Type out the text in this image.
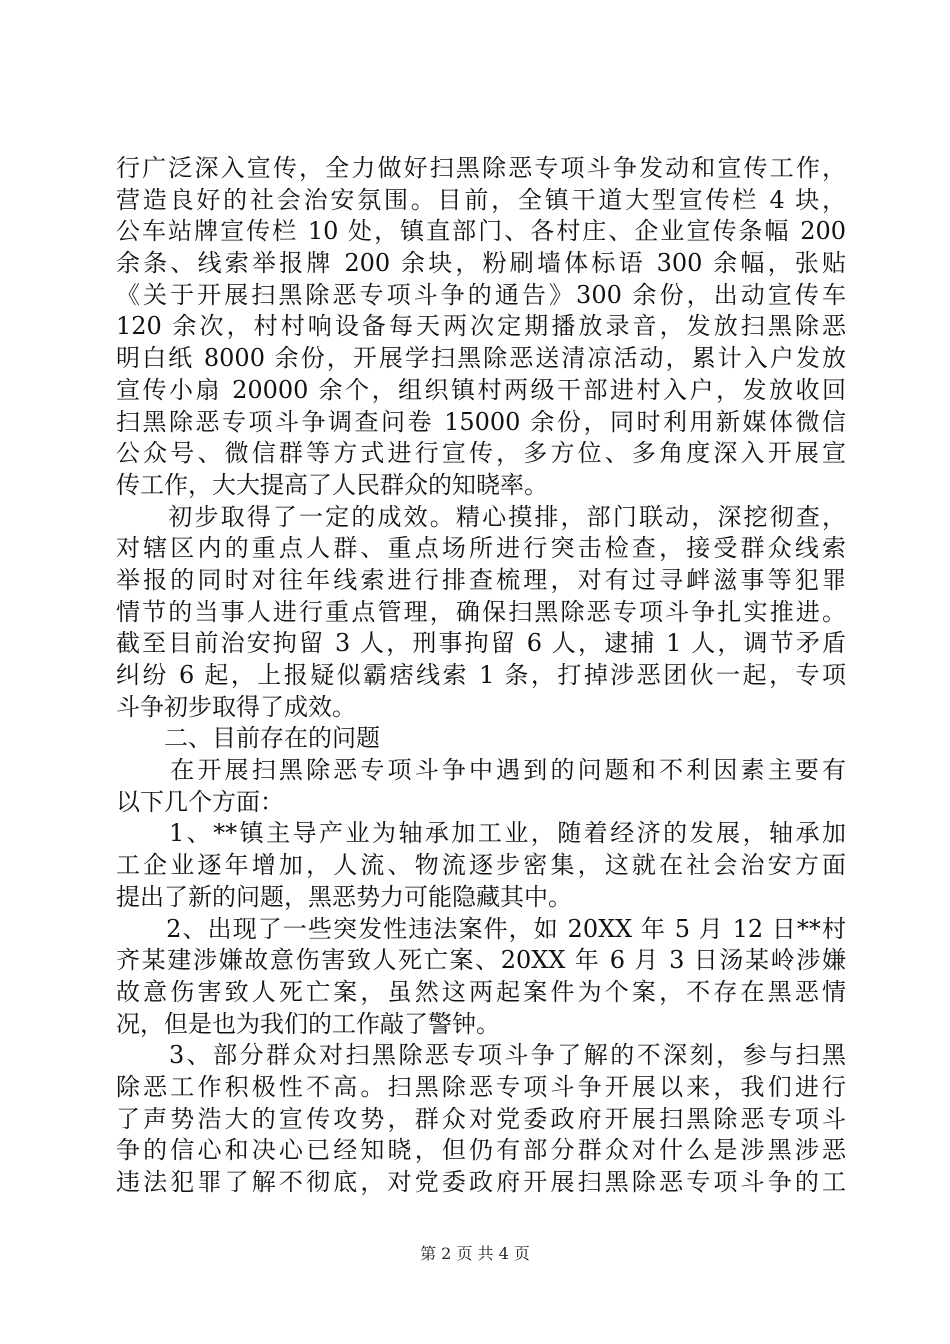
行广泛深入宣传，全力做好扫黑除恶专项斗争发动和宣传工作，
营造良好的社会治安氛围。目前，全镇干道大型宣传栏 4 块，
公车站牌宣传栏 10 处，镇直部门、各村庄、企业宣传条幅 200
余条、线索举报牌 200 余块，粉刷墙体标语 300 余幅，张贴
《关于开展扫黑除恶专项斗争的通告》300 余份，出动宣传车
120 余次，村村响设备每天两次定期播放录音，发放扫黑除恶
明白纸 8000 余份，开展学扫黑除恶送清凉活动，累计入户发放
宣传小扇 20000 余个，组织镇村两级干部进村入户，发放收回
扫黑除恶专项斗争调查问卷 15000 余份，同时利用新媒体微信
公众号、微信群等方式进行宣传，多方位、多角度深入开展宣
传工作，大大提高了人民群众的知晓率。
　　初步取得了一定的成效。精心摸排，部门联动，深挖彻查，
对辖区内的重点人群、重点场所进行突击检查，接受群众线索
举报的同时对往年线索进行排查梳理，对有过寻衅滋事等犯罪
情节的当事人进行重点管理，确保扫黑除恶专项斗争扎实推进。
截至目前治安拘留 3 人，刑事拘留 6 人，逮捕 1 人，调节矛盾
纠纷 6 起，上报疑似霸痞线索 1 条，打掉涉恶团伙一起，专项
斗争初步取得了成效。
　　二、目前存在的问题
　　在开展扫黑除恶专项斗争中遇到的问题和不利因素主要有
以下几个方面：
　　1、**镇主导产业为轴承加工业，随着经济的发展，轴承加
工企业逐年增加，人流、物流逐步密集，这就在社会治安方面
提出了新的问题，黑恶势力可能隐藏其中。
　　2、出现了一些突发性违法案件，如 20XX 年 5 月 12 日**村
齐某建涉嫌故意伤害致人死亡案、20XX 年 6 月 3 日汤某岭涉嫌
故意伤害致人死亡案，虽然这两起案件为个案，不存在黑恶情
况，但是也为我们的工作敲了警钟。
　　3、部分群众对扫黑除恶专项斗争了解的不深刻，参与扫黑
除恶工作积极性不高。扫黑除恶专项斗争开展以来，我们进行
了声势浩大的宣传攻势，群众对党委政府开展扫黑除恶专项斗
争的信心和决心已经知晓，但仍有部分群众对什么是涉黑涉恶
违法犯罪了解不彻底，对党委政府开展扫黑除恶专项斗争的工
第 2 页 共 4 页
